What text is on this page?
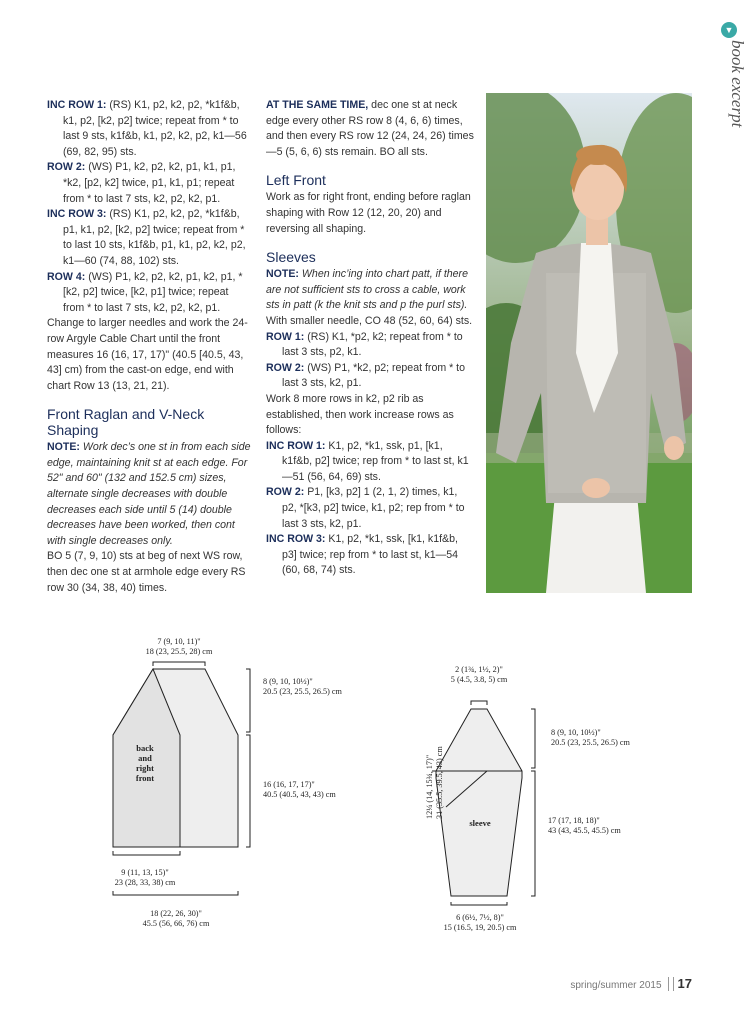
▼
book excerpt

INC ROW 1: (RS) K1, p2, k2, p2, *k1f&b, k1, p2, [k2, p2] twice; repeat from * to last 9 sts, k1f&b, k1, p2, k2, p2, k1—56 (69, 82, 95) sts.

ROW 2: (WS) P1, k2, p2, k2, p1, k1, p1, *k2, [p2, k2] twice, p1, k1, p1; repeat from * to last 7 sts, k2, p2, k2, p1.

INC ROW 3: (RS) K1, p2, k2, p2, *k1f&b, p1, k1, p2, [k2, p2] twice; repeat from * to last 10 sts, k1f&b, p1, k1, p2, k2, p2, k1—60 (74, 88, 102) sts.

ROW 4: (WS) P1, k2, p2, k2, p1, k2, p1, *[k2, p2] twice, [k2, p1] twice; repeat from * to last 7 sts, k2, p2, k2, p1.

Change to larger needles and work the 24-row Argyle Cable Chart until the front measures 16 (16, 17, 17)" (40.5 [40.5, 43, 43] cm) from the cast-on edge, end with chart Row 13 (13, 21, 21).

Front Raglan and V-Neck Shaping

NOTE: Work dec’s one st in from each side edge, maintaining knit st at each edge. For 52" and 60" (132 and 152.5 cm) sizes, alternate single decreases with double decreases each side until 5 (14) double decreases have been worked, then cont with single decreases only.

BO 5 (7, 9, 10) sts at beg of next WS row, then dec one st at armhole edge every RS row 30 (34, 38, 40) times.

AT THE SAME TIME, dec one st at neck edge every other RS row 8 (4, 6, 6) times, and then every RS row 12 (24, 24, 26) times—5 (5, 6, 6) sts remain. BO all sts.

Left Front

Work as for right front, ending before raglan shaping with Row 12 (12, 20, 20) and reversing all shaping.

Sleeves

NOTE: When inc’ing into chart patt, if there are not sufficient sts to cross a cable, work sts in patt (k the knit sts and p the purl sts).

With smaller needle, CO 48 (52, 60, 64) sts.

ROW 1: (RS) K1, *p2, k2; repeat from * to last 3 sts, p2, k1.

ROW 2: (WS) P1, *k2, p2; repeat from * to last 3 sts, k2, p1.

Work 8 more rows in k2, p2 rib as established, then work increase rows as follows:

INC ROW 1: K1, p2, *k1, ssk, p1, [k1, k1f&b, p2] twice; rep from * to last st, k1—51 (56, 64, 69) sts.

ROW 2: P1, [k3, p2] 1 (2, 1, 2) times, k1, p2, *[k3, p2] twice, k1, p2; rep from * to last 3 sts, k2, p1.

INC ROW 3: K1, p2, *k1, ssk, [k1, k1f&b, p3] twice; rep from * to last st, k1—54 (60, 68, 74) sts.

7 (9, 10, 11)"
18 (23, 25.5, 28) cm
8 (9, 10, 10½)"
20.5 (23, 25.5, 26.5) cm
16 (16, 17, 17)"
40.5 (40.5, 43, 43) cm
9 (11, 13, 15)"
23 (28, 33, 38) cm
18 (22, 26, 30)"
45.5 (56, 66, 76) cm
back
and
right
front
2 (1¾, 1½, 2)"
5 (4.5, 3.8, 5) cm
8 (9, 10, 10½)"
20.5 (23, 25.5, 26.5) cm
12¼ (14, 15¾, 17)"
31 (35.5, 39.5, 43) cm
17 (17, 18, 18)"
43 (43, 45.5, 45.5) cm
6 (6½, 7½, 8)"
15 (16.5, 19, 20.5) cm
sleeve
spring/summer 2015 17
